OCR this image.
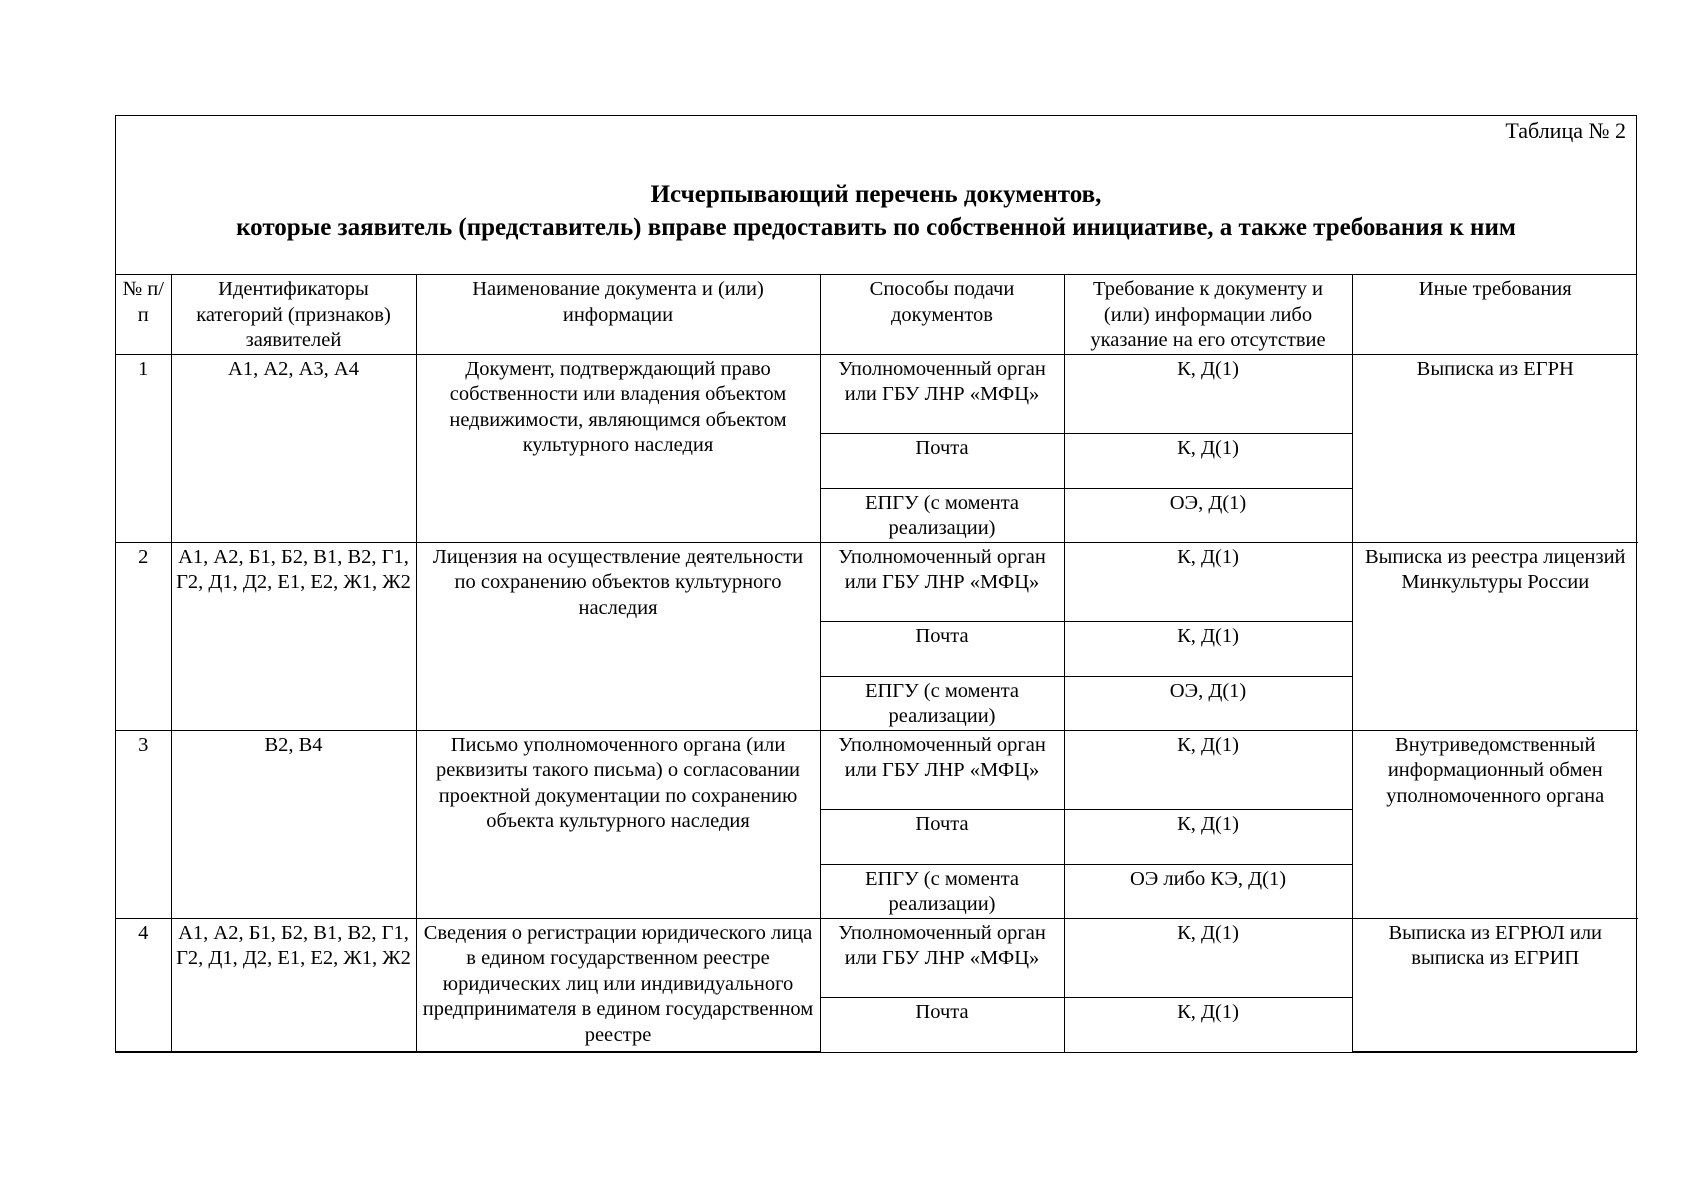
Таблица № 2
Исчерпывающий перечень документов,
которые заявитель (представитель) вправе предоставить по собственной инициативе, а также требования к ним
№ п/п	Идентификаторы категорий (признаков) заявителей	Наименование документа и (или) информации	Способы подачи документов	Требование к документу и (или) информации либо указание на его отсутствие	Иные требования
1	А1, А2, А3, А4	Документ, подтверждающий право собственности или владения объектом недвижимости, являющимся объектом культурного наследия	Уполномоченный орган или ГБУ ЛНР «МФЦ»	К, Д(1)	Выписка из ЕГРН
			Почта	К, Д(1)	
			ЕПГУ (с момента реализации)	ОЭ, Д(1)	
2	А1, А2, Б1, Б2, В1, В2, Г1, Г2, Д1, Д2, Е1, Е2, Ж1, Ж2	Лицензия на осуществление деятельности по сохранению объектов культурного наследия	Уполномоченный орган или ГБУ ЛНР «МФЦ»	К, Д(1)	Выписка из реестра лицензий Минкультуры России
			Почта	К, Д(1)	
			ЕПГУ (с момента реализации)	ОЭ, Д(1)	
3	В2, В4	Письмо уполномоченного органа (или реквизиты такого письма) о согласовании проектной документации по сохранению объекта культурного наследия	Уполномоченный орган или ГБУ ЛНР «МФЦ»	К, Д(1)	Внутриведомственный информационный обмен уполномоченного органа
			Почта	К, Д(1)	
			ЕПГУ (с момента реализации)	ОЭ либо КЭ, Д(1)	
4	А1, А2, Б1, Б2, В1, В2, Г1, Г2, Д1, Д2, Е1, Е2, Ж1, Ж2	Сведения о регистрации юридического лица в едином государственном реестре юридических лиц или индивидуального предпринимателя в едином государственном реестре	Уполномоченный орган или ГБУ ЛНР «МФЦ»	К, Д(1)	Выписка из ЕГРЮЛ или выписка из ЕГРИП
			Почта	К, Д(1)	
